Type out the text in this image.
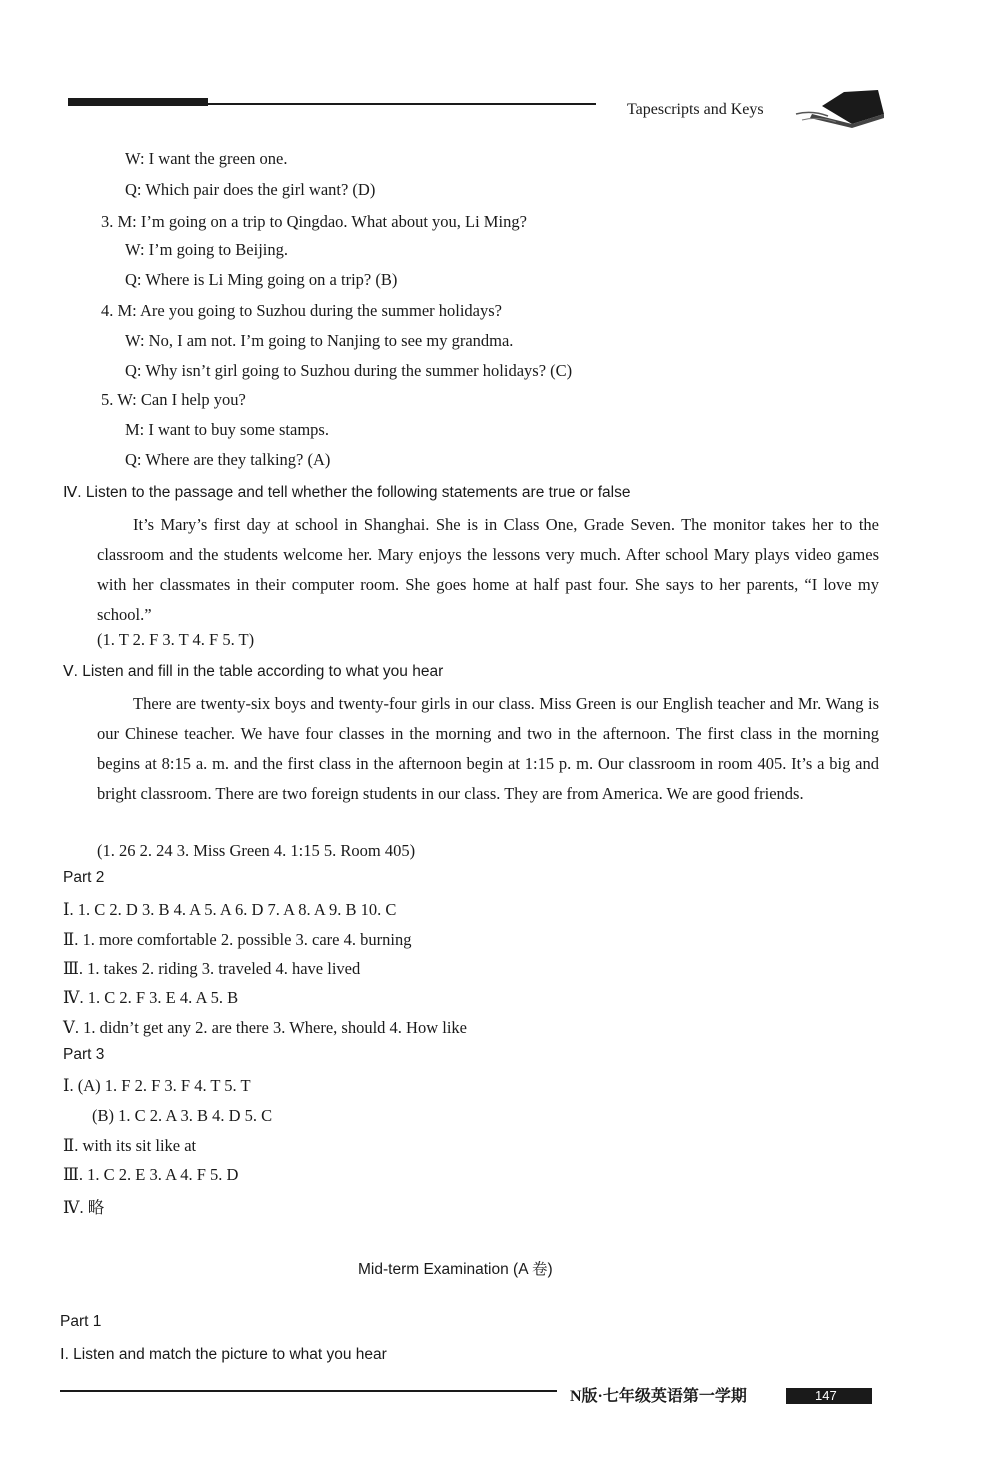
Tapescripts and Keys
W: I want the green one.
Q: Which pair does the girl want? (D)
3. M: I’m going on a trip to Qingdao. What about you, Li Ming?
W: I’m going to Beijing.
Q: Where is Li Ming going on a trip? (B)
4. M: Are you going to Suzhou during the summer holidays?
W: No, I am not. I’m going to Nanjing to see my grandma.
Q: Why isn’t girl going to Suzhou during the summer holidays? (C)
5. W: Can I help you?
M: I want to buy some stamps.
Q: Where are they talking? (A)
Ⅳ. Listen to the passage and tell whether the following statements are true or false
It’s Mary’s first day at school in Shanghai. She is in Class One, Grade Seven. The monitor takes her to the classroom and the students welcome her. Mary enjoys the lessons very much. After school Mary plays video games with her classmates in their computer room. She goes home at half past four. She says to her parents, “I love my school.”
(1. T 2. F 3. T 4. F 5. T)
Ⅴ. Listen and fill in the table according to what you hear
There are twenty-six boys and twenty-four girls in our class. Miss Green is our English teacher and Mr. Wang is our Chinese teacher. We have four classes in the morning and two in the afternoon. The first class in the morning begins at 8:15 a. m. and the first class in the afternoon begin at 1:15 p. m. Our classroom in room 405. It’s a big and bright classroom. There are two foreign students in our class. They are from America. We are good friends.
(1. 26 2. 24 3. Miss Green 4. 1:15 5. Room 405)
Part 2
Ⅰ. 1. C 2. D 3. B 4. A 5. A 6. D 7. A 8. A 9. B 10. C
Ⅱ. 1. more comfortable 2. possible 3. care 4. burning
Ⅲ. 1. takes 2. riding 3. traveled 4. have lived
Ⅳ. 1. C 2. F 3. E 4. A 5. B
Ⅴ. 1. didn’t get any 2. are there 3. Where, should 4. How like
Part 3
Ⅰ. (A) 1. F 2. F 3. F 4. T 5. T
(B) 1. C 2. A 3. B 4. D 5. C
Ⅱ. with its sit like at
Ⅲ. 1. C 2. E 3. A 4. F 5. D
Ⅳ. 略
Mid-term Examination (A 卷)
Part 1
Ⅰ. Listen and match the picture to what you hear
N版·七年级英语第一学期	147
